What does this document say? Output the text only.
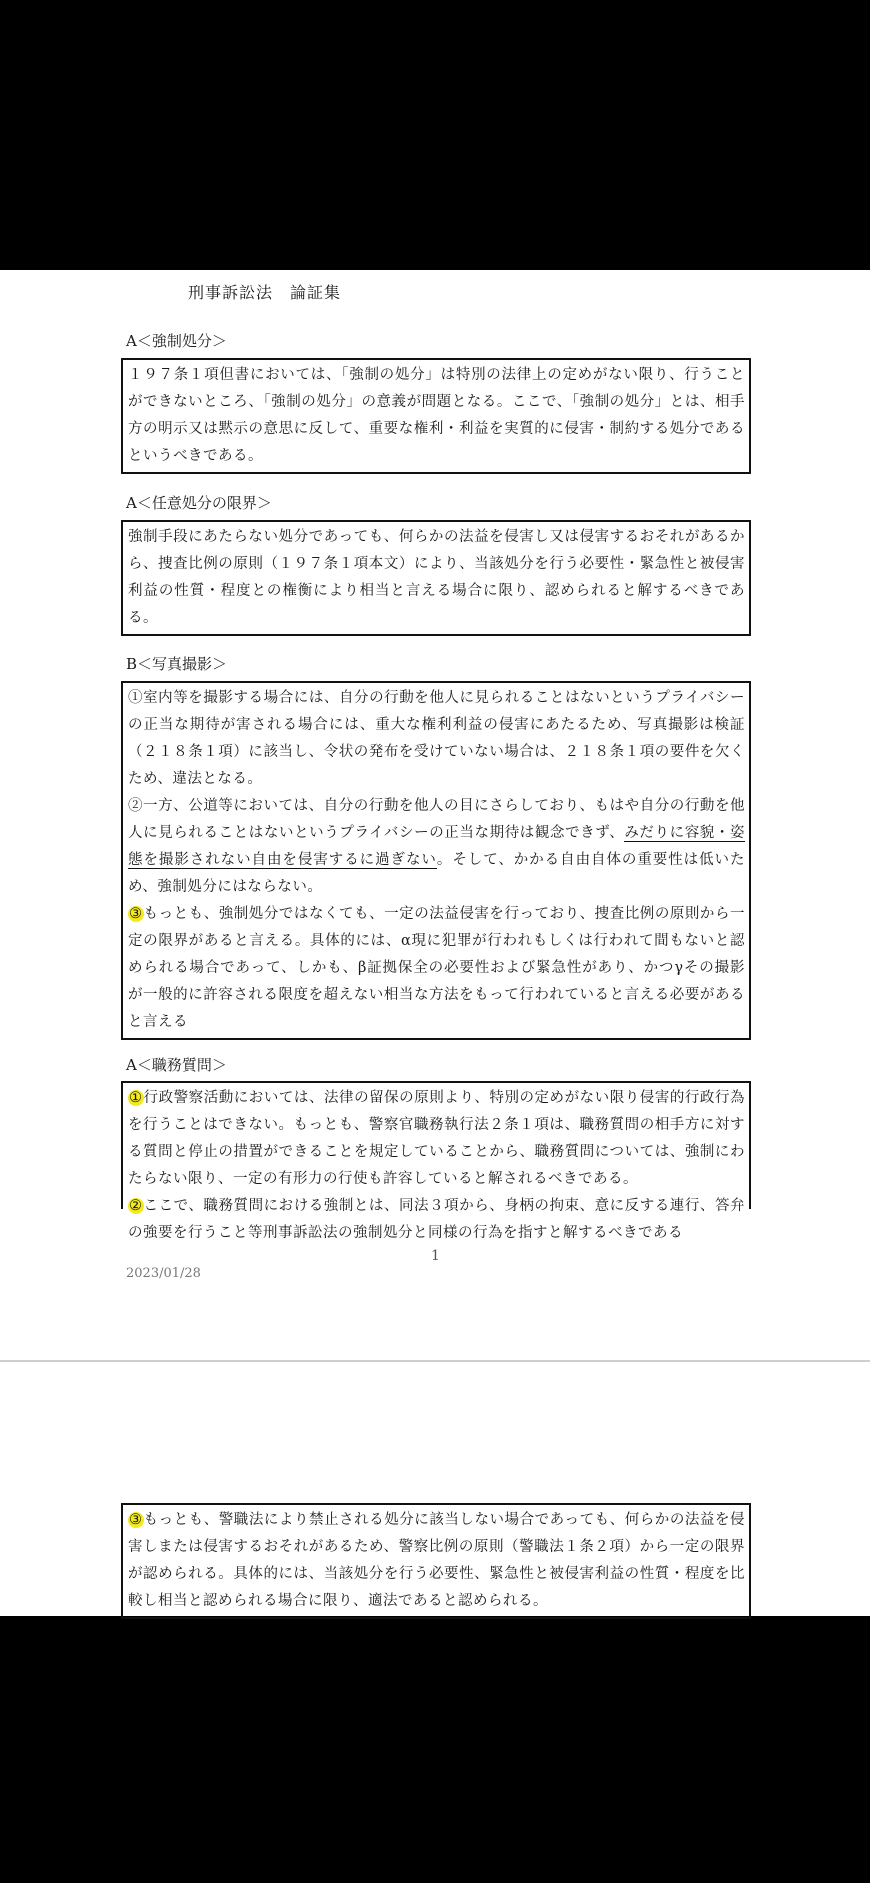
刑事訴訟法　論証集
A＜強制処分＞

１９７条１項但書においては、「強制の処分」は特別の法律上の定めがない限り、行うことができないところ、「強制の処分」の意義が問題となる。ここで、「強制の処分」とは、相手方の明示又は黙示の意思に反して、重要な権利・利益を実質的に侵害・制約する処分であるというべきである。

A＜任意処分の限界＞

強制手段にあたらない処分であっても、何らかの法益を侵害し又は侵害するおそれがあるから、捜査比例の原則（１９７条１項本文）により、当該処分を行う必要性・緊急性と被侵害利益の性質・程度との権衡により相当と言える場合に限り、認められると解するべきである。

B＜写真撮影＞

①室内等を撮影する場合には、自分の行動を他人に見られることはないというプライバシーの正当な期待が害される場合には、重大な権利利益の侵害にあたるため、写真撮影は検証（２１８条１項）に該当し、令状の発布を受けていない場合は、２１８条１項の要件を欠くため、違法となる。

②一方、公道等においては、自分の行動を他人の目にさらしており、もはや自分の行動を他人に見られることはないというプライバシーの正当な期待は観念できず、みだりに容貌・姿態を撮影されない自由を侵害するに過ぎない。そして、かかる自由自体の重要性は低いため、強制処分にはならない。

③もっとも、強制処分ではなくても、一定の法益侵害を行っており、捜査比例の原則から一定の限界があると言える。具体的には、α現に犯罪が行われもしくは行われて間もないと認められる場合であって、しかも、β証拠保全の必要性および緊急性があり、かつγその撮影が一般的に許容される限度を超えない相当な方法をもって行われていると言える必要があると言える

A＜職務質問＞

①行政警察活動においては、法律の留保の原則より、特別の定めがない限り侵害的行政行為を行うことはできない。もっとも、警察官職務執行法２条１項は、職務質問の相手方に対する質問と停止の措置ができることを規定していることから、職務質問については、強制にわたらない限り、一定の有形力の行使も許容していると解されるべきである。

②ここで、職務質問における強制とは、同法３項から、身柄の拘束、意に反する連行、答弁の強要を行うこと等刑事訴訟法の強制処分と同様の行為を指すと解するべきである

1
2023/01/28

③もっとも、警職法により禁止される処分に該当しない場合であっても、何らかの法益を侵害しまたは侵害するおそれがあるため、警察比例の原則（警職法１条２項）から一定の限界が認められる。具体的には、当該処分を行う必要性、緊急性と被侵害利益の性質・程度を比較し相当と認められる場合に限り、適法であると認められる。
